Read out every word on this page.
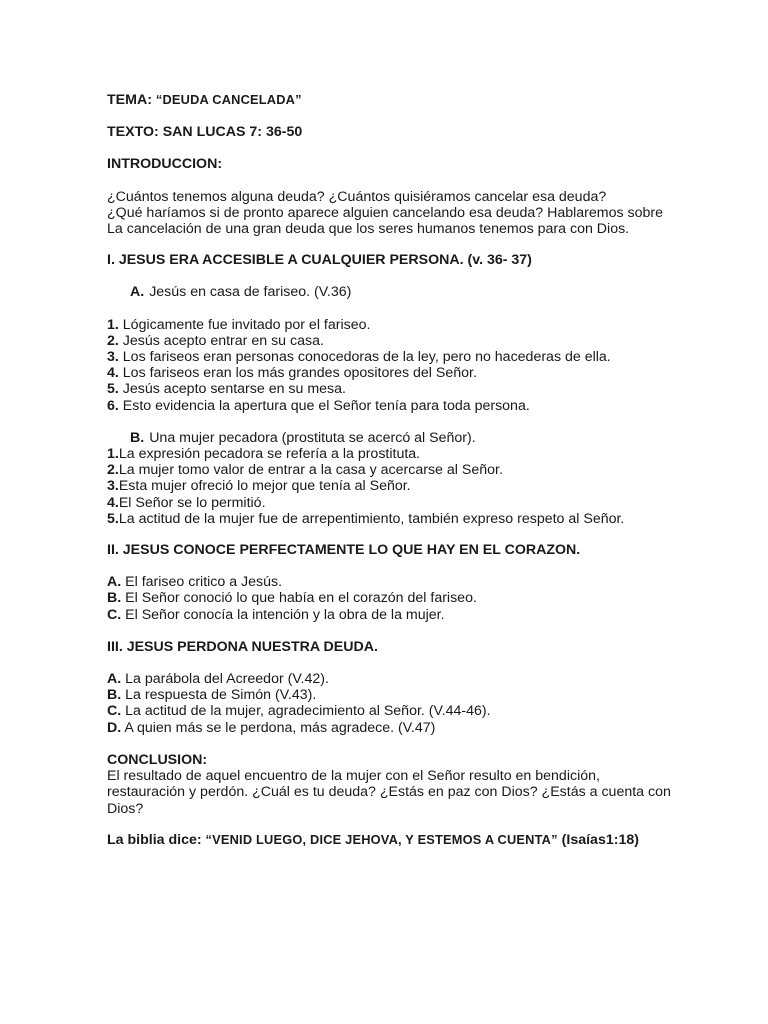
TEMA: “DEUDA CANCELADA”
TEXTO: SAN LUCAS 7: 36-50
INTRODUCCION:
¿Cuántos tenemos alguna deuda? ¿Cuántos quisiéramos cancelar esa deuda?
¿Qué haríamos si de pronto aparece alguien cancelando esa deuda? Hablaremos sobre
La cancelación de una gran deuda que los seres humanos tenemos para con Dios.
I. JESUS ERA ACCESIBLE A CUALQUIER PERSONA. (v. 36- 37)
A. Jesús en casa de fariseo. (V.36)
1. Lógicamente fue invitado por el fariseo.
2. Jesús acepto entrar en su casa.
3. Los fariseos eran personas conocedoras de la ley, pero no hacederas de ella.
4. Los fariseos eran los más grandes opositores del Señor.
5. Jesús acepto sentarse en su mesa.
6. Esto evidencia la apertura que el Señor tenía para toda persona.
B. Una mujer pecadora (prostituta se acercó al Señor).
1.La expresión pecadora se refería a la prostituta.
2.La mujer tomo valor de entrar a la casa y acercarse al Señor.
3.Esta mujer ofreció lo mejor que tenía al Señor.
4.El Señor se lo permitió.
5.La actitud de la mujer fue de arrepentimiento, también expreso respeto al Señor.
II. JESUS CONOCE PERFECTAMENTE LO QUE HAY EN EL CORAZON.
A. El fariseo critico a Jesús.
B. El Señor conoció lo que había en el corazón del fariseo.
C. El Señor conocía la intención y la obra de la mujer.
III. JESUS PERDONA NUESTRA DEUDA.
A. La parábola del Acreedor (V.42).
B. La respuesta de Simón (V.43).
C. La actitud de la mujer, agradecimiento al Señor. (V.44-46).
D. A quien más se le perdona, más agradece. (V.47)
CONCLUSION:
El resultado de aquel encuentro de la mujer con el Señor resulto en bendición,
restauración y perdón. ¿Cuál es tu deuda? ¿Estás en paz con Dios? ¿Estás a cuenta con
Dios?
La biblia dice: “VENID LUEGO, DICE JEHOVA, Y ESTEMOS A CUENTA” (Isaías1:18)
